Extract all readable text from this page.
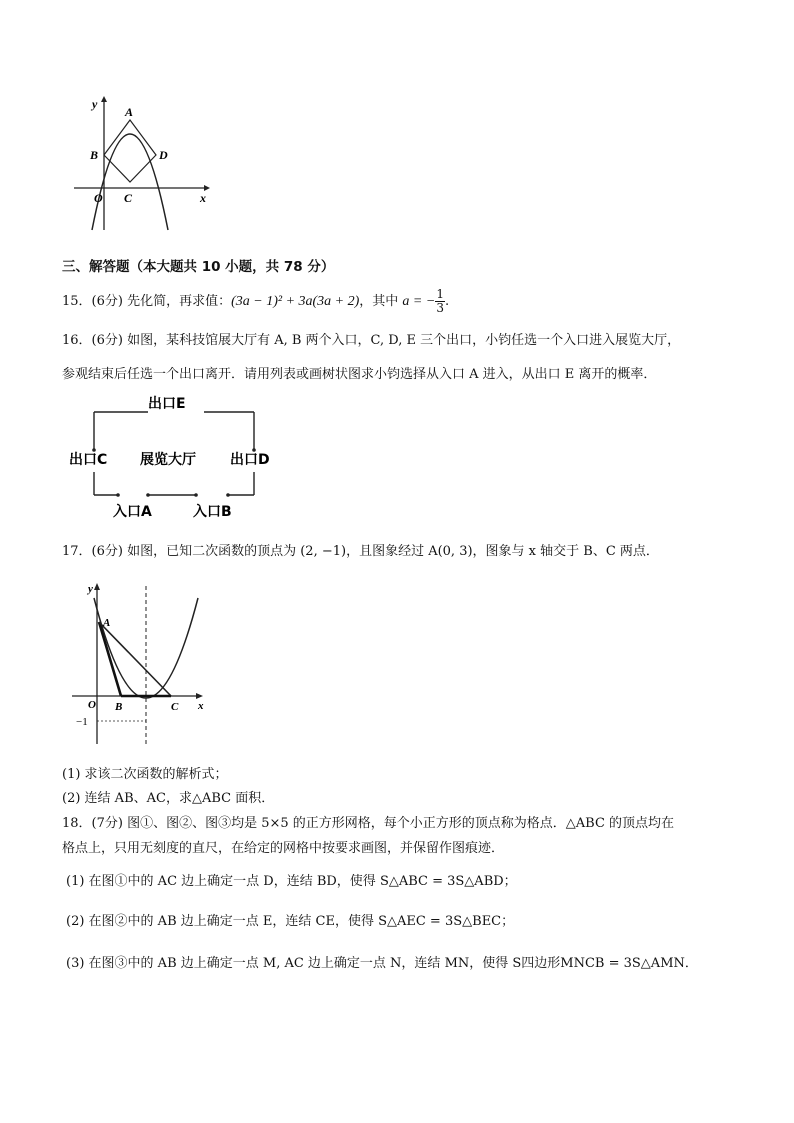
y
A
B	D
O C	x
三、解答题（本大题共 10 小题，共 78 分）
15．(6分) 先化简，再求值：(3a − 1)² + 3a(3a + 2)，其中 a = − $\frac{1}{3}$ .
16．(6分) 如图，某科技馆展大厅有 A, B 两个入口，C, D, E 三个出口，小钧任选一个入口进入展览大厅，
参观结束后任选一个出口离开．请用列表或画树状图求小钧选择从入口 A 进入，从出口 E 离开的概率．
出口E
出口C	出口D
展览大厅
入口A	入口B
17．(6分) 如图，已知二次函数的顶点为 (2, −1)，且图象经过 A(0, 3)，图象与 x 轴交于 B、C 两点．
y
A
O B	C x
−1
(1) 求该二次函数的解析式；
(2) 连结 AB、AC，求△ABC 面积．
18．(7分) 图①、图②、图③均是 5×5 的正方形网格，每个小正方形的顶点称为格点．△ABC 的顶点均在
格点上，只用无刻度的直尺，在给定的网格中按要求画图，并保留作图痕迹．
(1) 在图①中的 AC 边上确定一点 D，连结 BD，使得 S△ABC = 3S△ABD；
(2) 在图②中的 AB 边上确定一点 E，连结 CE，使得 S△AEC = 3S△BEC；
(3) 在图③中的 AB 边上确定一点 M, AC 边上确定一点 N，连结 MN，使得 S四边形MNCB = 3S△AMN．
